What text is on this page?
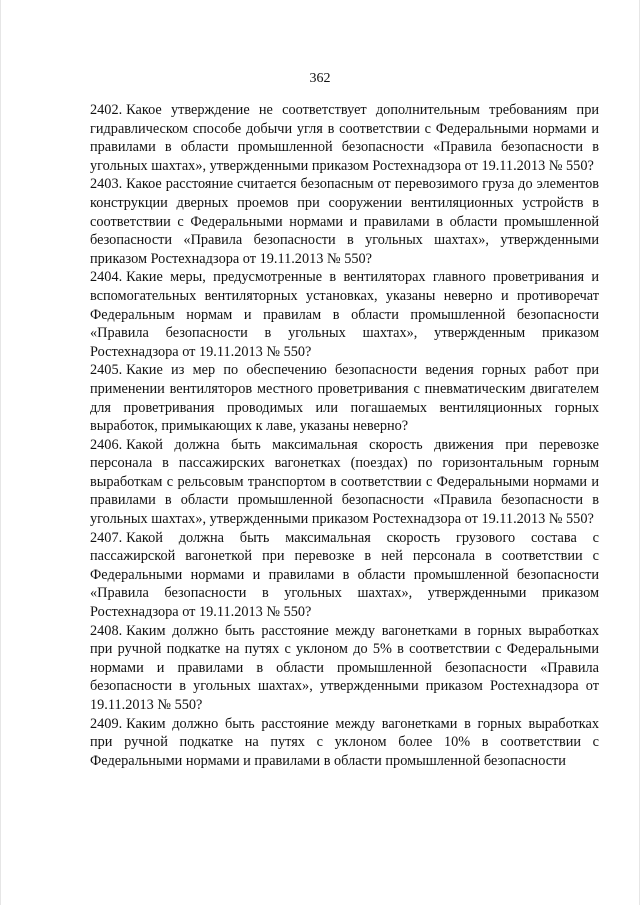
362

2402. Какое утверждение не соответствует дополнительным требованиям при гидравлическом способе добычи угля в соответствии с Федеральными нормами и правилами в области промышленной безопасности «Правила безопасности в угольных шахтах», утвержденными приказом Ростехнадзора от 19.11.2013 № 550?

2403. Какое расстояние считается безопасным от перевозимого груза до элементов конструкции дверных проемов при сооружении вентиляционных устройств в соответствии с Федеральными нормами и правилами в области промышленной безопасности «Правила безопасности в угольных шахтах», утвержденными приказом Ростехнадзора от 19.11.2013 № 550?

2404. Какие меры, предусмотренные в вентиляторах главного проветривания и вспомогательных вентиляторных установках, указаны неверно и противоречат Федеральным нормам и правилам в области промышленной безопасности «Правила безопасности в угольных шахтах», утвержденным приказом Ростехнадзора от 19.11.2013 № 550?

2405. Какие из мер по обеспечению безопасности ведения горных работ при применении вентиляторов местного проветривания с пневматическим двигателем для проветривания проводимых или погашаемых вентиляционных горных выработок, примыкающих к лаве, указаны неверно?

2406. Какой должна быть максимальная скорость движения при перевозке персонала в пассажирских вагонетках (поездах) по горизонтальным горным выработкам с рельсовым транспортом в соответствии с Федеральными нормами и правилами в области промышленной безопасности «Правила безопасности в угольных шахтах», утвержденными приказом Ростехнадзора от 19.11.2013 № 550?

2407. Какой должна быть максимальная скорость грузового состава с пассажирской вагонеткой при перевозке в ней персонала в соответствии с Федеральными нормами и правилами в области промышленной безопасности «Правила безопасности в угольных шахтах», утвержденными приказом Ростехнадзора от 19.11.2013 № 550?

2408. Каким должно быть расстояние между вагонетками в горных выработках при ручной подкатке на путях с уклоном до 5% в соответствии с Федеральными нормами и правилами в области промышленной безопасности «Правила безопасности в угольных шахтах», утвержденными приказом Ростехнадзора от 19.11.2013 № 550?

2409. Каким должно быть расстояние между вагонетками в горных выработках при ручной подкатке на путях с уклоном более 10% в соответствии с Федеральными нормами и правилами в области промышленной безопасности
